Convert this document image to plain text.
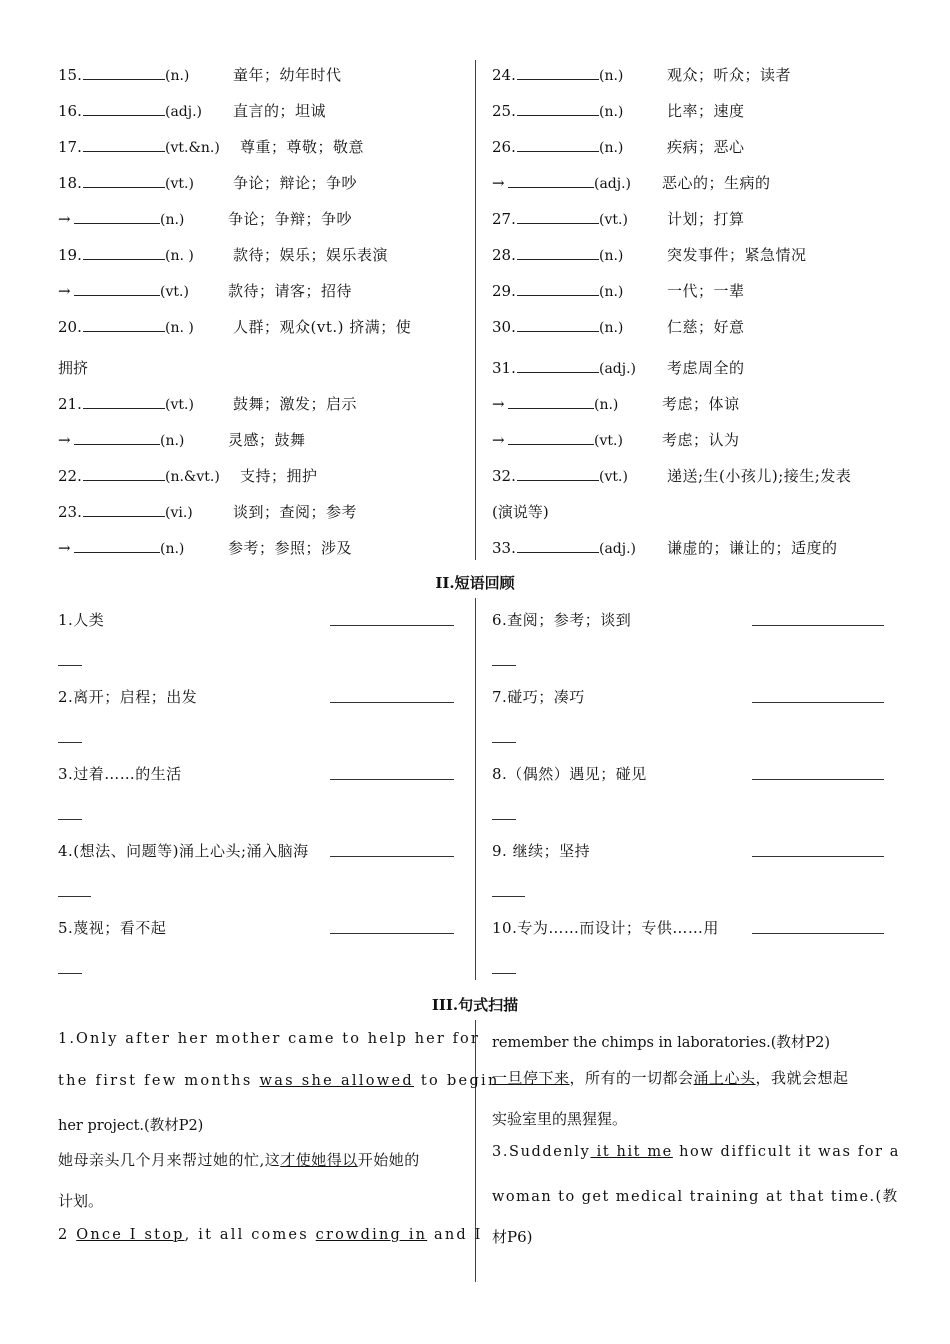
15.	(n.)	童年；幼年时代
16.	(adj.) 直言的；坦诚
17.	(vt.&n.) 尊重；尊敬；敬意
18.	(vt.)	争论；辩论；争吵
→	(n.)	争论；争辩；争吵
19.	(n. )	款待；娱乐；娱乐表演
→	(vt.)	款待；请客；招待
20.	(n. )	人群；观众(vt.) 挤满；使
拥挤
21.	(vt.)	鼓舞；激发；启示
→	(n.)	灵感；鼓舞
22.	(n.&vt.) 支持；拥护
23.	(vi.)	谈到；查阅；参考
→	(n.)	参考；参照；涉及
24.	(n.)	观众；听众；读者
25.	(n.)	比率；速度
26.	(n.)	疾病；恶心
→	(adj.) 恶心的；生病的
27.	(vt.)	计划；打算
28.	(n.)	突发事件；紧急情况
29.	(n.)	一代；一辈
30.	(n.)	仁慈；好意
31.	(adj.) 考虑周全的
→	(n.)	考虑；体谅
→	(vt.)	考虑；认为
32.	(vt.)	递送;生(小孩儿);接生;发表
(演说等)
33.	(adj.) 谦虚的；谦让的；适度的
II.短语回顾
1.人类
2.离开；启程；出发
3.过着……的生活
4.(想法、问题等)涌上心头;涌入脑海
5.蔑视；看不起
6.查阅；参考；谈到
7.碰巧；凑巧
8.（偶然）遇见；碰见
9. 继续；坚持
10.专为……而设计；专供……用
III.句式扫描
1.Only after her mother came to help her for
the first few months was she allowed to begin
her project.(教材P2)
她母亲头几个月来帮过她的忙,这才使她得以开始她的
计划。
2 Once I stop, it all comes crowding in and I
remember the chimps in laboratories.(教材P2)
一旦停下来，所有的一切都会涌上心头，我就会想起
实验室里的黑猩猩。
3.Suddenly it hit me how difficult it was for a
woman to get medical training at that time.(教
材P6)
